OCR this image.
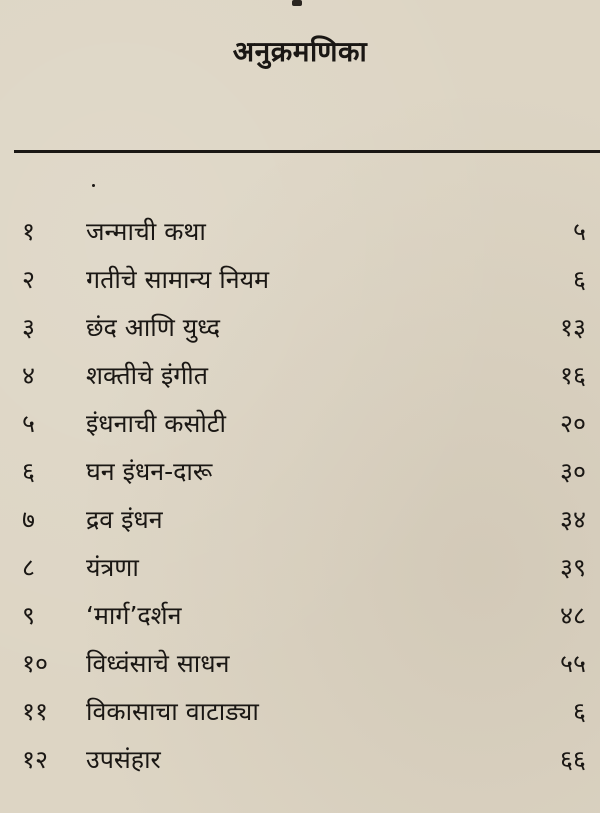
अनुक्रमणिका
१	जन्माची कथा	५
२	गतीचे सामान्य नियम	६
३	छंद आणि युध्द	१३
४	शक्तीचे इंगीत	१६
५	इंधनाची कसोटी	२०
६	घन इंधन-दारू	३०
७	द्रव इंधन	३४
८	यंत्रणा	३९
९	‘मार्ग’दर्शन	४८
१०	विध्वंसाचे साधन	५५
११	विकासाचा वाटाड्या	६
१२	उपसंहार	६६
